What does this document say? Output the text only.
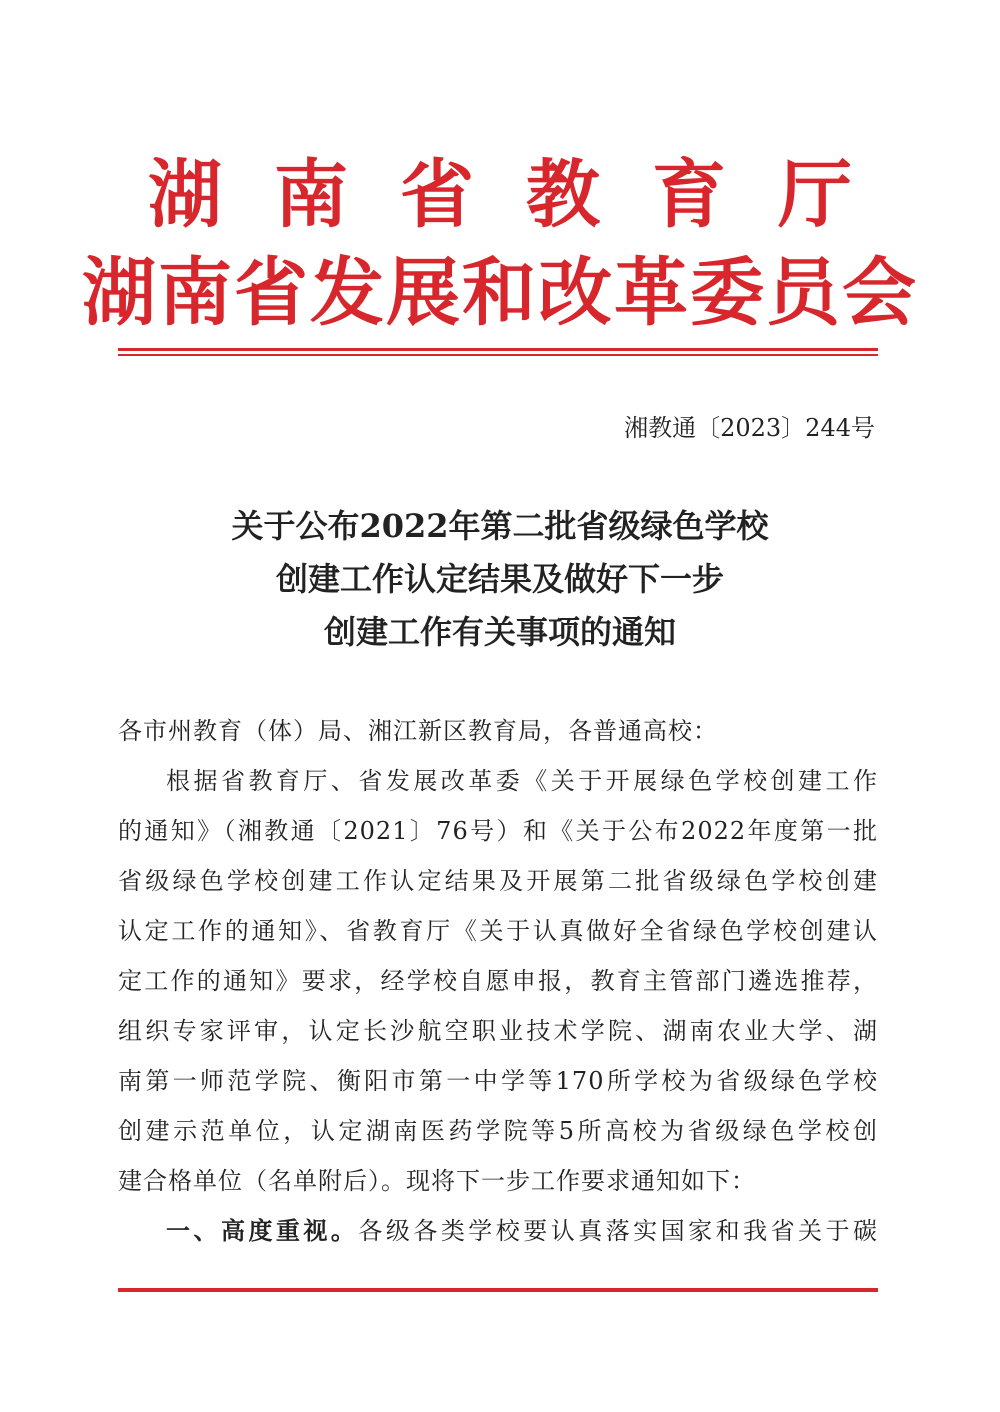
湖南省教育厅
湖南省发展和改革委员会
湘教通〔2023〕244号
关于公布2022年第二批省级绿色学校
创建工作认定结果及做好下一步
创建工作有关事项的通知
各市州教育（体）局、湘江新区教育局，各普通高校：
根据省教育厅、省发展改革委《关于开展绿色学校创建工作
的通知》（湘教通〔2021〕76号）和《关于公布2022年度第一批
省级绿色学校创建工作认定结果及开展第二批省级绿色学校创建
认定工作的通知》、省教育厅《关于认真做好全省绿色学校创建认
定工作的通知》要求，经学校自愿申报，教育主管部门遴选推荐，
组织专家评审，认定长沙航空职业技术学院、湖南农业大学、湖
南第一师范学院、衡阳市第一中学等170所学校为省级绿色学校
创建示范单位，认定湖南医药学院等5所高校为省级绿色学校创
建合格单位（名单附后）。现将下一步工作要求通知如下：
一、高度重视。各级各类学校要认真落实国家和我省关于碳
